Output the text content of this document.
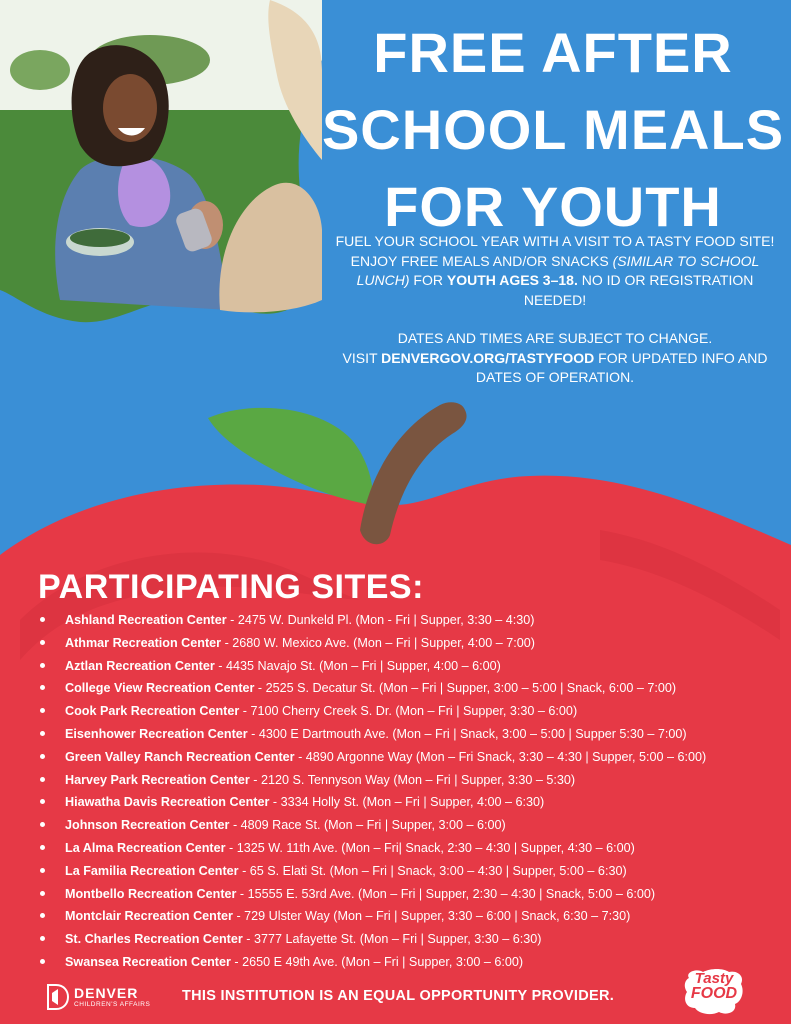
FREE AFTER
SCHOOL MEALS
FOR YOUTH

FUEL YOUR SCHOOL YEAR WITH A VISIT TO A TASTY FOOD SITE!

ENJOY FREE MEALS AND/OR SNACKS (SIMILAR TO SCHOOL LUNCH) FOR YOUTH AGES 3–18. NO ID OR REGISTRATION NEEDED!

DATES AND TIMES ARE SUBJECT TO CHANGE.

VISIT DENVERGOV.ORG/TASTYFOOD FOR UPDATED INFO AND DATES OF OPERATION.

PARTICIPATING SITES:
Ashland Recreation Center - 2475 W. Dunkeld Pl. (Mon - Fri | Supper, 3:30 – 4:30)
Athmar Recreation Center - 2680 W. Mexico Ave. (Mon – Fri | Supper, 4:00 – 7:00)
Aztlan Recreation Center - 4435 Navajo St. (Mon – Fri | Supper, 4:00 – 6:00)
College View Recreation Center - 2525 S. Decatur St. (Mon – Fri | Supper, 3:00 – 5:00 | Snack, 6:00 – 7:00)
Cook Park Recreation Center - 7100 Cherry Creek S. Dr. (Mon – Fri | Supper, 3:30 – 6:00)
Eisenhower Recreation Center - 4300 E Dartmouth Ave. (Mon – Fri | Snack, 3:00 – 5:00 | Supper 5:30 – 7:00)
Green Valley Ranch Recreation Center - 4890 Argonne Way (Mon – Fri Snack, 3:30 – 4:30 | Supper, 5:00 – 6:00)
Harvey Park Recreation Center - 2120 S. Tennyson Way (Mon – Fri | Supper, 3:30 – 5:30)
Hiawatha Davis Recreation Center - 3334 Holly St. (Mon – Fri | Supper, 4:00 – 6:30)
Johnson Recreation Center - 4809 Race St. (Mon – Fri | Supper, 3:00 – 6:00)
La Alma Recreation Center - 1325 W. 11th Ave. (Mon – Fri| Snack, 2:30 – 4:30 | Supper, 4:30 – 6:00)
La Familia Recreation Center - 65 S. Elati St. (Mon – Fri | Snack, 3:00 – 4:30 | Supper, 5:00 – 6:30)
Montbello Recreation Center - 15555 E. 53rd Ave. (Mon – Fri | Supper, 2:30 – 4:30 | Snack, 5:00 – 6:00)
Montclair Recreation Center - 729 Ulster Way (Mon – Fri | Supper, 3:30 – 6:00 | Snack, 6:30 – 7:30)
St. Charles Recreation Center - 3777 Lafayette St. (Mon – Fri | Supper, 3:30 – 6:30)
Swansea Recreation Center - 2650 E 49th Ave. (Mon – Fri | Supper, 3:00 – 6:00)
DENVER
CHILDREN'S AFFAIRS
THIS INSTITUTION IS AN EQUAL OPPORTUNITY PROVIDER.
Tasty
FOOD
